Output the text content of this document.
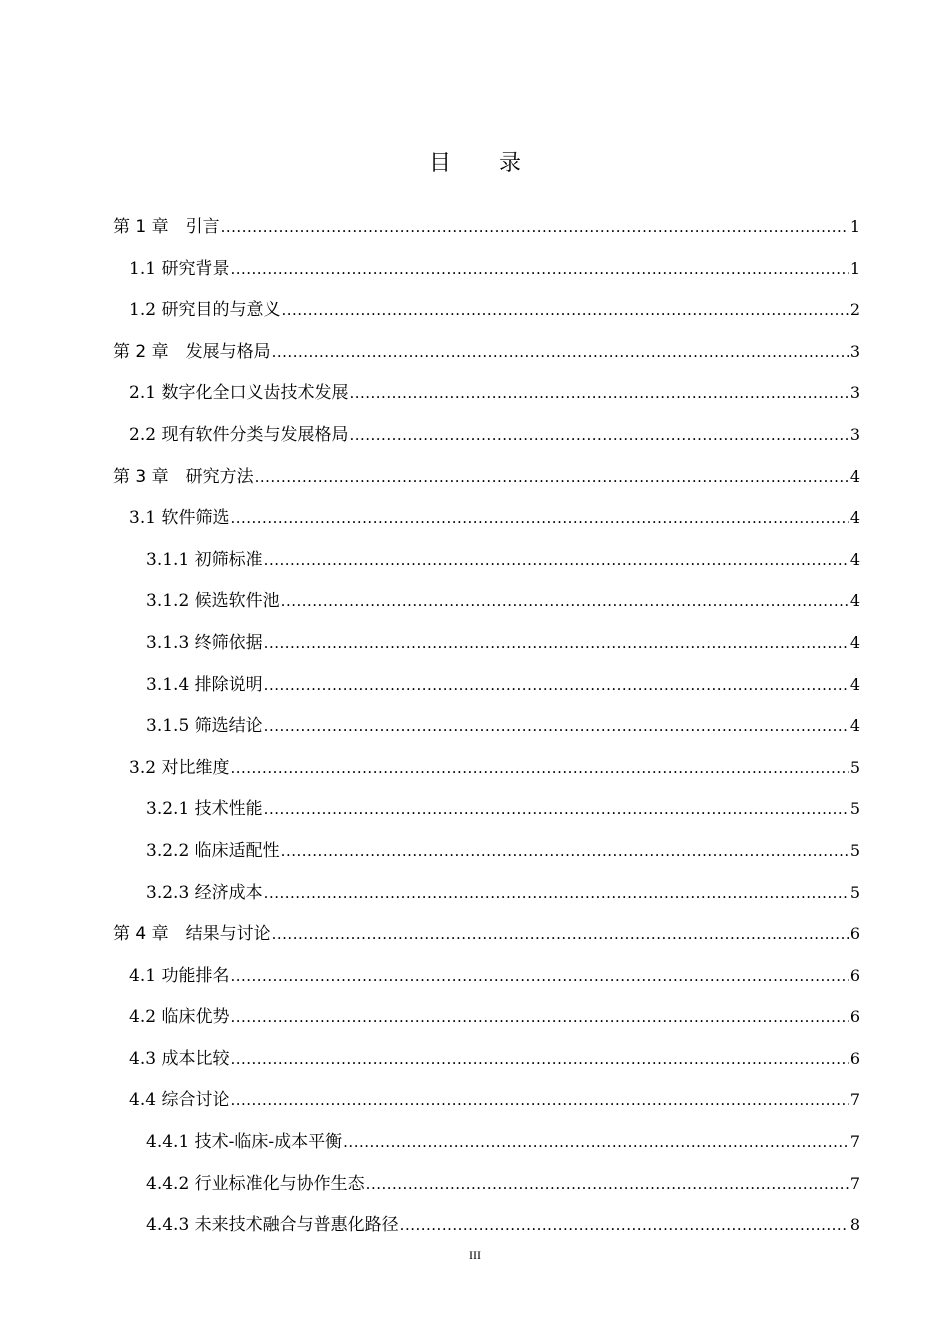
目录
第 1 章　引言 .....	1
1.1 研究背景 .....	1
1.2 研究目的与意义 .....	2
第 2 章　发展与格局 .....	3
2.1 数字化全口义齿技术发展 .....	3
2.2 现有软件分类与发展格局 .....	3
第 3 章　研究方法 .....	4
3.1 软件筛选 .....	4
3.1.1 初筛标准 .....	4
3.1.2 候选软件池 .....	4
3.1.3 终筛依据 .....	4
3.1.4 排除说明 .....	4
3.1.5 筛选结论 .....	4
3.2 对比维度 .....	5
3.2.1 技术性能 .....	5
3.2.2 临床适配性 .....	5
3.2.3 经济成本 .....	5
第 4 章　结果与讨论 .....	6
4.1 功能排名 .....	6
4.2 临床优势 .....	6
4.3 成本比较 .....	6
4.4 综合讨论 .....	7
4.4.1 技术-临床-成本平衡 .....	7
4.4.2 行业标准化与协作生态 .....	7
4.4.3 未来技术融合与普惠化路径 .....	8
III
